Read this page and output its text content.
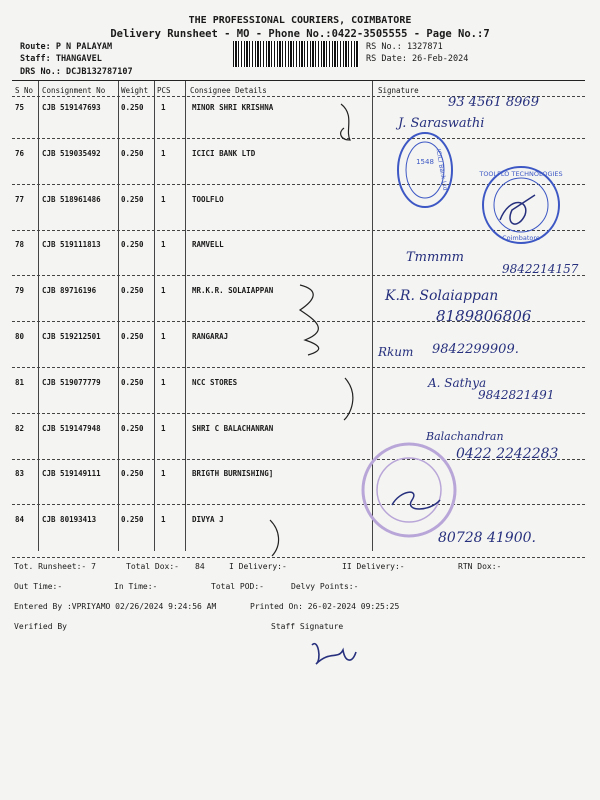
THE PROFESSIONAL COURIERS, COIMBATORE
Delivery Runsheet - MO - Phone No.:0422-3505555 - Page No.:7
Route: P N PALAYAM
Staff: THANGAVEL
DRS No.: DCJB132787107
RS No.: 1327871
RS Date: 26-Feb-2024
S No Consignment No Weight PCS	Consignee Details	Signature
75 CJB 519147693	0.250 1	MINOR SHRI KRISHNA
76 CJB 519035492	0.250 1	ICICI BANK LTD
77 CJB 518961486	0.250 1	TOOLFLO
78 CJB 519111813	0.250 1	RAMVELL
79 CJB 89716196	0.250 1	MR.K.R. SOLAIAPPAN
80 CJB 519212501	0.250 1	RANGARAJ
81 CJB 519077779	0.250 1	NCC STORES
82 CJB 519147948	0.250 1	SHRI C BALACHANRAN
83 CJB 519149111	0.250 1	BRIGTH BURNISHING]
84 CJB 80193413	0.250 1	DIVYA J
Tot. Runsheet:- 7	Total Dox:- 84	I Delivery:-	II Delivery:-	RTN Dox:-
Out Time:-	In Time:-	Total POD:-	Delvy Points:-
Entered By :VPRIYAMO 02/26/2024 9:24:56 AM	Printed On: 26-02-2024 09:25:25
Verified By	Staff Signature
1548 ICICI Bank Ltd	TOOLFLO TECHNOLOGIES
Coimbatore
93 4561 8969
J. Saraswathi
Tmmmm
9842214157
K.R. Solaiappan
8189806806
Rkum 9842299909.
A. Sathya
9842821491
Balachandran
0422 2242283
80728 41900.
